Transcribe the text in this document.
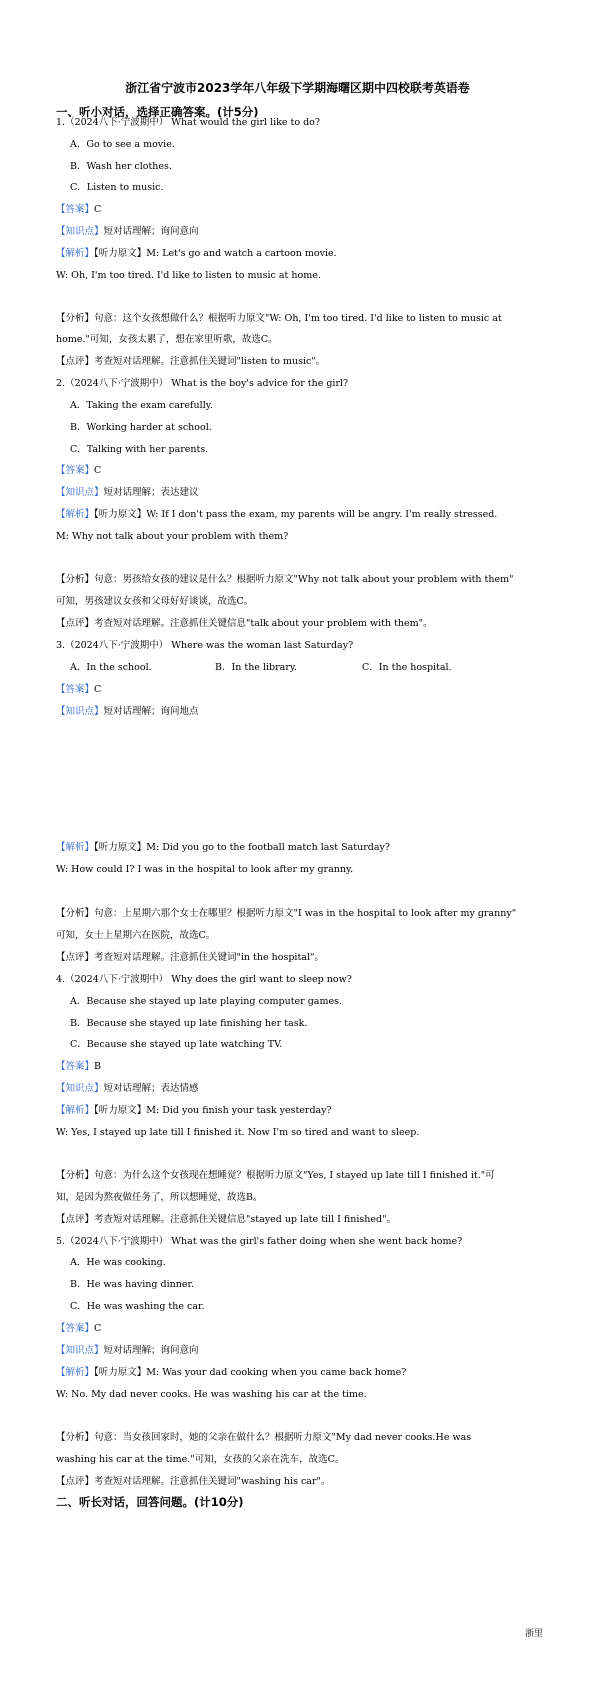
浙江省宁波市2023学年八年级下学期海曙区期中四校联考英语卷
一、听小对话，选择正确答案。(计5分)
1.（2024八下·宁波期中） What would the girl like to do?
A．Go to see a movie.
B．Wash her clothes.
C．Listen to music.
【答案】C
【知识点】短对话理解；询问意向
【解析】【听力原文】M: Let's go and watch a cartoon movie.
W: Oh, I'm too tired. I'd like to listen to music at home.
【分析】句意：这个女孩想做什么？根据听力原文"W: Oh, I'm too tired. I'd like to listen to music at
home."可知，女孩太累了，想在家里听歌，故选C。
【点评】考查短对话理解。注意抓住关键词"listen to music"。
2.（2024八下·宁波期中） What is the boy's advice for the girl?
A．Taking the exam carefully.
B．Working harder at school.
C．Talking with her parents.
【答案】C
【知识点】短对话理解；表达建议
【解析】【听力原文】W: If I don't pass the exam, my parents will be angry. I'm really stressed.
M: Why not talk about your problem with them?
【分析】句意：男孩给女孩的建议是什么？根据听力原文"Why not talk about your problem with them"
可知，男孩建议女孩和父母好好谈谈，故选C。
【点评】考查短对话理解。注意抓住关键信息"talk about your problem with them"。
3.（2024八下·宁波期中） Where was the woman last Saturday?
A．In the school.	B．In the library.	C．In the hospital.
【答案】C
【知识点】短对话理解；询问地点
【解析】【听力原文】M: Did you go to the football match last Saturday?
W: How could I? I was in the hospital to look after my granny.
【分析】句意：上星期六那个女士在哪里？根据听力原文"I was in the hospital to look after my granny"
可知，女士上星期六在医院，故选C。
【点评】考查短对话理解。注意抓住关键词"in the hospital"。
4.（2024八下·宁波期中） Why does the girl want to sleep now?
A．Because she stayed up late playing computer games.
B．Because she stayed up late finishing her task.
C．Because she stayed up late watching TV.
【答案】B
【知识点】短对话理解；表达情感
【解析】【听力原文】M: Did you finish your task yesterday?
W: Yes, I stayed up late till I finished it. Now I'm so tired and want to sleep.
【分析】句意：为什么这个女孩现在想睡觉？根据听力原文"Yes, I stayed up late till I finished it."可
知，是因为熬夜做任务了，所以想睡觉，故选B。
【点评】考查短对话理解。注意抓住关键信息"stayed up late till I finished"。
5.（2024八下·宁波期中） What was the girl's father doing when she went back home?
A．He was cooking.
B．He was having dinner.
C．He was washing the car.
【答案】C
【知识点】短对话理解；询问意向
【解析】【听力原文】M: Was your dad cooking when you came back home?
W: No. My dad never cooks. He was washing his car at the time.
【分析】句意：当女孩回家时，她的父亲在做什么？根据听力原文"My dad never cooks.He was
washing his car at the time."可知，女孩的父亲在洗车，故选C。
【点评】考查短对话理解。注意抓住关键词"washing his car"。
二、听长对话，回答问题。(计10分)
浙里
